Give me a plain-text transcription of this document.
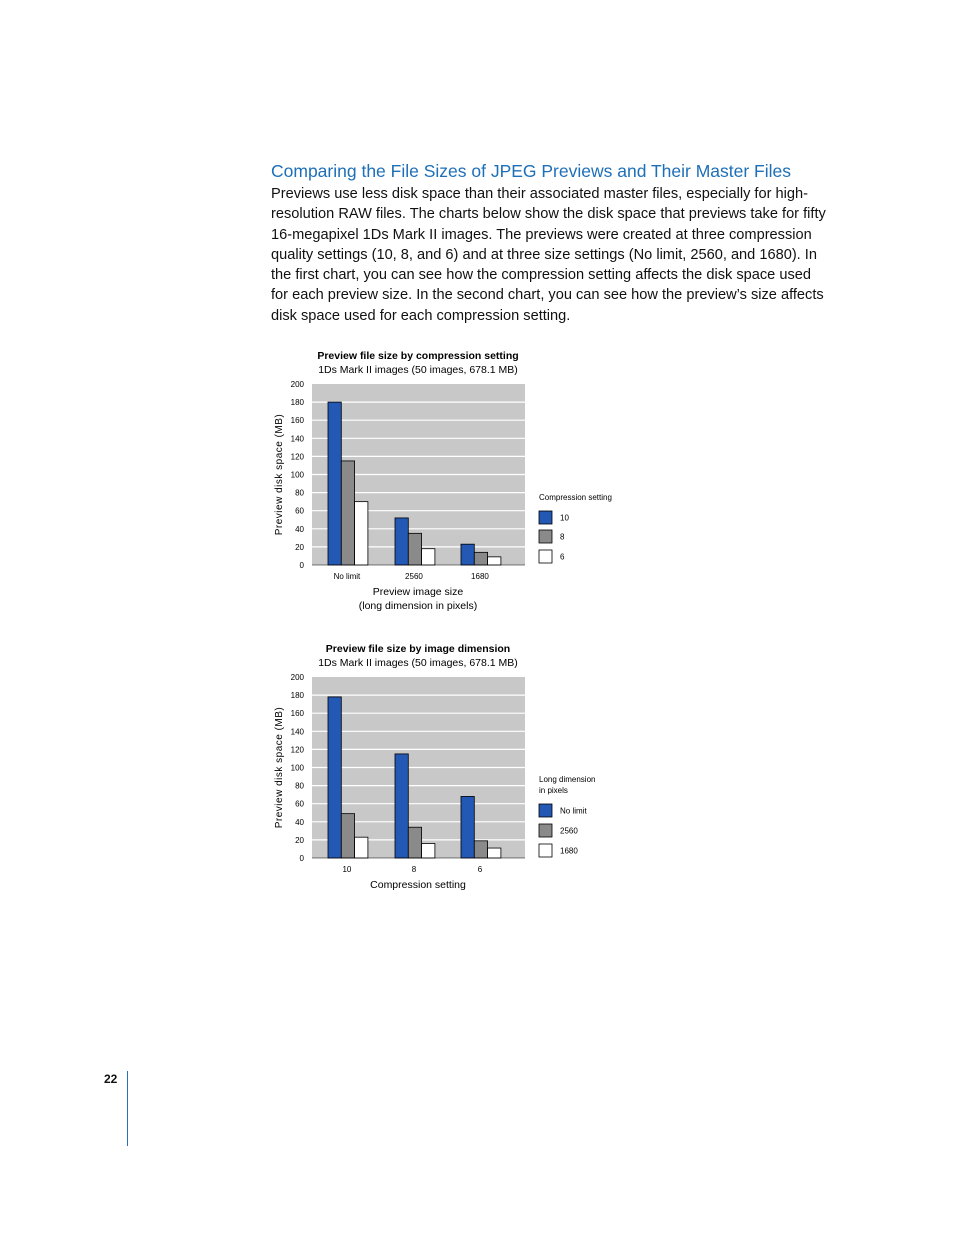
Comparing the File Sizes of JPEG Previews and Their Master Files

Previews use less disk space than their associated master files, especially for high-resolution RAW files. The charts below show the disk space that previews take for fifty 16-megapixel 1Ds Mark II images. The previews were created at three compression quality settings (10, 8, and 6) and at three size settings (No limit, 2560, and 1680). In the first chart, you can see how the compression setting affects the disk space used for each preview size. In the second chart, you can see how the preview’s size affects disk space used for each compression setting.

Preview file size by compression setting
1Ds Mark II images (50 images, 678.1 MB)
0
20
40
60
80
100
120
140
160
180
200
Preview disk space (MB)
No limit	2560	1680
Preview image size
(long dimension in pixels)
Compression setting
10
8
6
Preview file size by image dimension
1Ds Mark II images (50 images, 678.1 MB)
0
20
40
60
80
100
120
140
160
180
200
Preview disk space (MB)
10	8	6
Compression setting
Long dimension
in pixels
No limit
2560
1680
22
